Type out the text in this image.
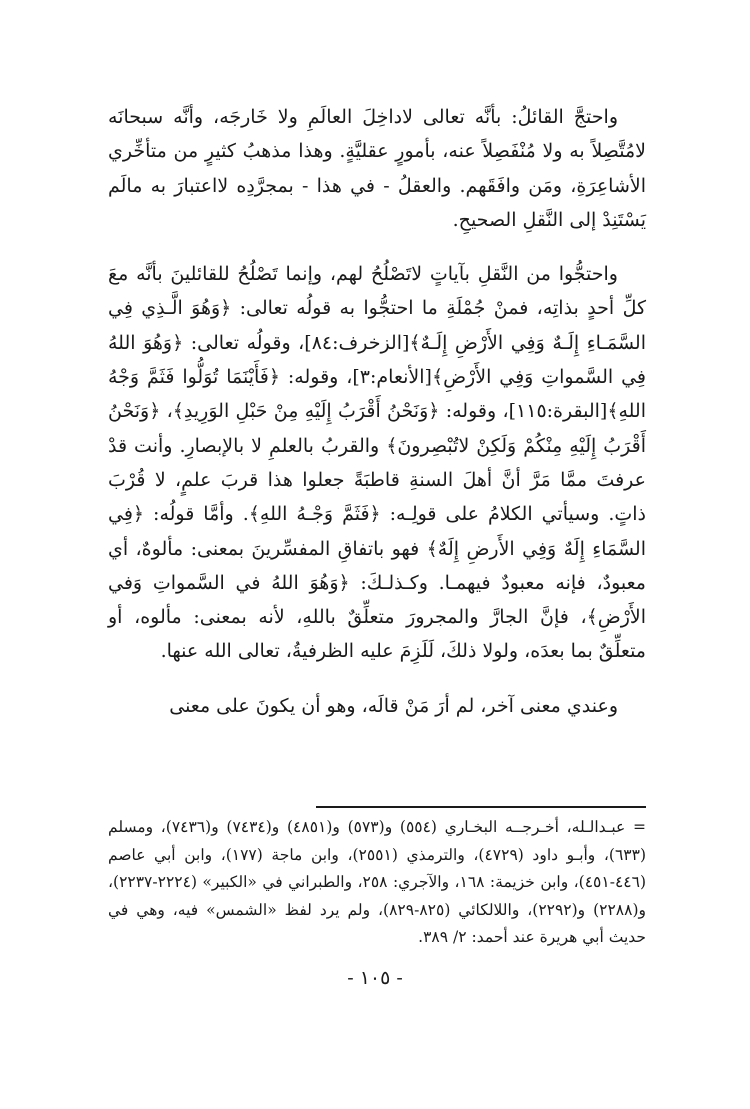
واحتجَّ القائلُ: بأنَّه تعالى لاداخِلَ العالَمِ ولا خَارجَه، وأنَّه سبحانَه لامُتَّصِلاً به ولا مُنْفَصِلاً عنه، بأمورٍ عقليَّةٍ. وهذا مذهبُ كثيرٍ من متأخِّري الأشاعِرَةِ، ومَن وافَقَهم. والعقلُ - في هذا - بمجرَّدِه لااعتبارَ به مالَم يَسْتَنِدْ إلى النَّقلِ الصحيحِ.

واحتجُّوا من النَّقلِ بآياتٍ لاتَصْلُحُ لهم، وإنما تَصْلُحُ للقائلينَ بأنَّه معَ كلِّ أحدٍ بذاتِه، فمنْ جُمْلَةِ ما احتجُّوا به قولُه تعالى: ﴿وَهُوَ الَّـذِي فِي السَّمَـاءِ إِلَـهٌ وَفِي الأَرْضِ إِلَـهٌ﴾[الزخرف:٨٤]، وقولُه تعالى: ﴿وَهُوَ اللهُ فِي السَّمواتِ وَفِي الأَرْضِ﴾[الأنعام:٣]، وقوله: ﴿فَأَيْنَمَا تُوَلُّوا فَثَمَّ وَجْهُ اللهِ﴾[البقرة:١١٥]، وقوله: ﴿وَنَحْنُ أَقْرَبُ إِلَيْهِ مِنْ حَبْلِ الوَرِيدِ﴾، ﴿وَنَحْنُ أَقْرَبُ إِلَيْهِ مِنْكُمْ وَلَكِنْ لاتُبْصِرونَ﴾ والقربُ بالعلمِ لا بالإبصارِ. وأنت قدْ عرفتَ ممَّا مَرَّ أنَّ أهلَ السنةِ قاطبَةً جعلوا هذا قربَ علمٍ، لا قُرْبَ ذاتٍ. وسيأتي الكلامُ على قولِـه: ﴿فَثَمَّ وَجْـهُ اللهِ﴾. وأمَّا قولُه: ﴿فِي السَّمَاءِ إِلَهٌ وَفِي الأَرضِ إِلَهٌ﴾ فهو باتفاقِ المفسِّرينَ بمعنى: مألوهٌ، أي معبودٌ، فإنه معبودٌ فيهمـا. وكـذلـكَ: ﴿وَهُوَ اللهُ في السَّمواتِ وَفي الأَرْضِ﴾، فإنَّ الجارَّ والمجرورَ متعلِّقٌ باللهِ، لأنه بمعنى: مألوه، أو متعلِّقٌ بما بعدَه، ولولا ذلكَ، لَلَزِمَ عليه الظرفيةُ، تعالى الله عنها.

وعندي معنى آخر، لم أرَ مَنْ قالَه، وهو أن يكونَ على معنى

= عبـدالـله، أخـرجــه البخـاري (٥٥٤) و(٥٧٣) و(٤٨٥١) و(٧٤٣٤) و(٧٤٣٦)، ومسلم (٦٣٣)، وأبـو داود (٤٧٢٩)، والترمذي (٢٥٥١)، وابن ماجة (١٧٧)، وابن أبي عاصم (٤٤٦-٤٥١)، وابن خزيمة: ١٦٨، والآجري: ٢٥٨، والطبراني في «الكبير» (٢٢٢٤-٢٢٣٧)، و(٢٢٨٨) و(٢٢٩٢)، واللالكائي (٨٢٥-٨٢٩)، ولم يرد لفظ «الشمس» فيه، وهي في حديث أبي هريرة عند أحمد: ٢/ ٣٨٩.

- ١٠٥ -
